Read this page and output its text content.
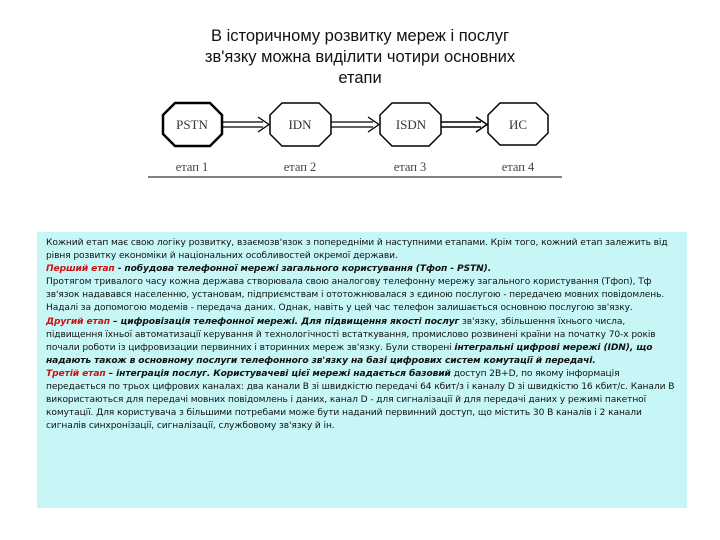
В історичному розвитку мереж і послуг
зв'язку можна виділити чотири основних
етапи
PSTN	IDN	ISDN	ИС
етап 1	етап 2	етап 3	етап 4

Кожний етап має свою логіку розвитку, взаємозв'язок з попередніми й наступними етапами. Крім того, кожний етап залежить від рівня розвитку економіки й національних особливостей окремої держави.

Перший етап - побудова телефонної мережі загального користування (Тфоп - PSTN).

Протягом тривалого часу кожна держава створювала свою аналогову телефонну мережу загального користування (Тфоп), Тф зв'язок надавався населенню, установам, підприємствам і ототожнювалася з єдиною послугою - передачею мовних повідомлень. Надалі за допомогою модемів - передача даних. Однак, навіть у цей час телефон залишається основною послугою зв'язку.

Другий етап – цифровізація телефонної мережі. Для підвищення якості послуг зв'язку, збільшення їхнього числа, підвищення їхньої автоматизації керування й технологічності встаткування, промислово розвинені країни на початку 70-х років почали роботи із цифровизации первинних і вторинних мереж зв'язку. Були створені інтегральні цифрові мережі (IDN), що надають також в основному послуги телефонного зв'язку на базі цифрових систем комутації й передачі.

Третій етап – інтеграція послуг. Користувачеві цієї мережі надається базовий доступ 2B+D, по якому інформація передається по трьох цифрових каналах: два канали B зі швидкістю передачі 64 кбит/з і каналу D зі швидкістю 16 кбит/с. Канали B використаються для передачі мовних повідомлень і даних, канал D - для сигналізації й для передачі даних у режимі пакетної комутації. Для користувача з більшими потребами може бути наданий первинний доступ, що містить 30 B каналів і 2 канали сигналів синхронізації, сигналізації, службовому зв'язку й ін.
